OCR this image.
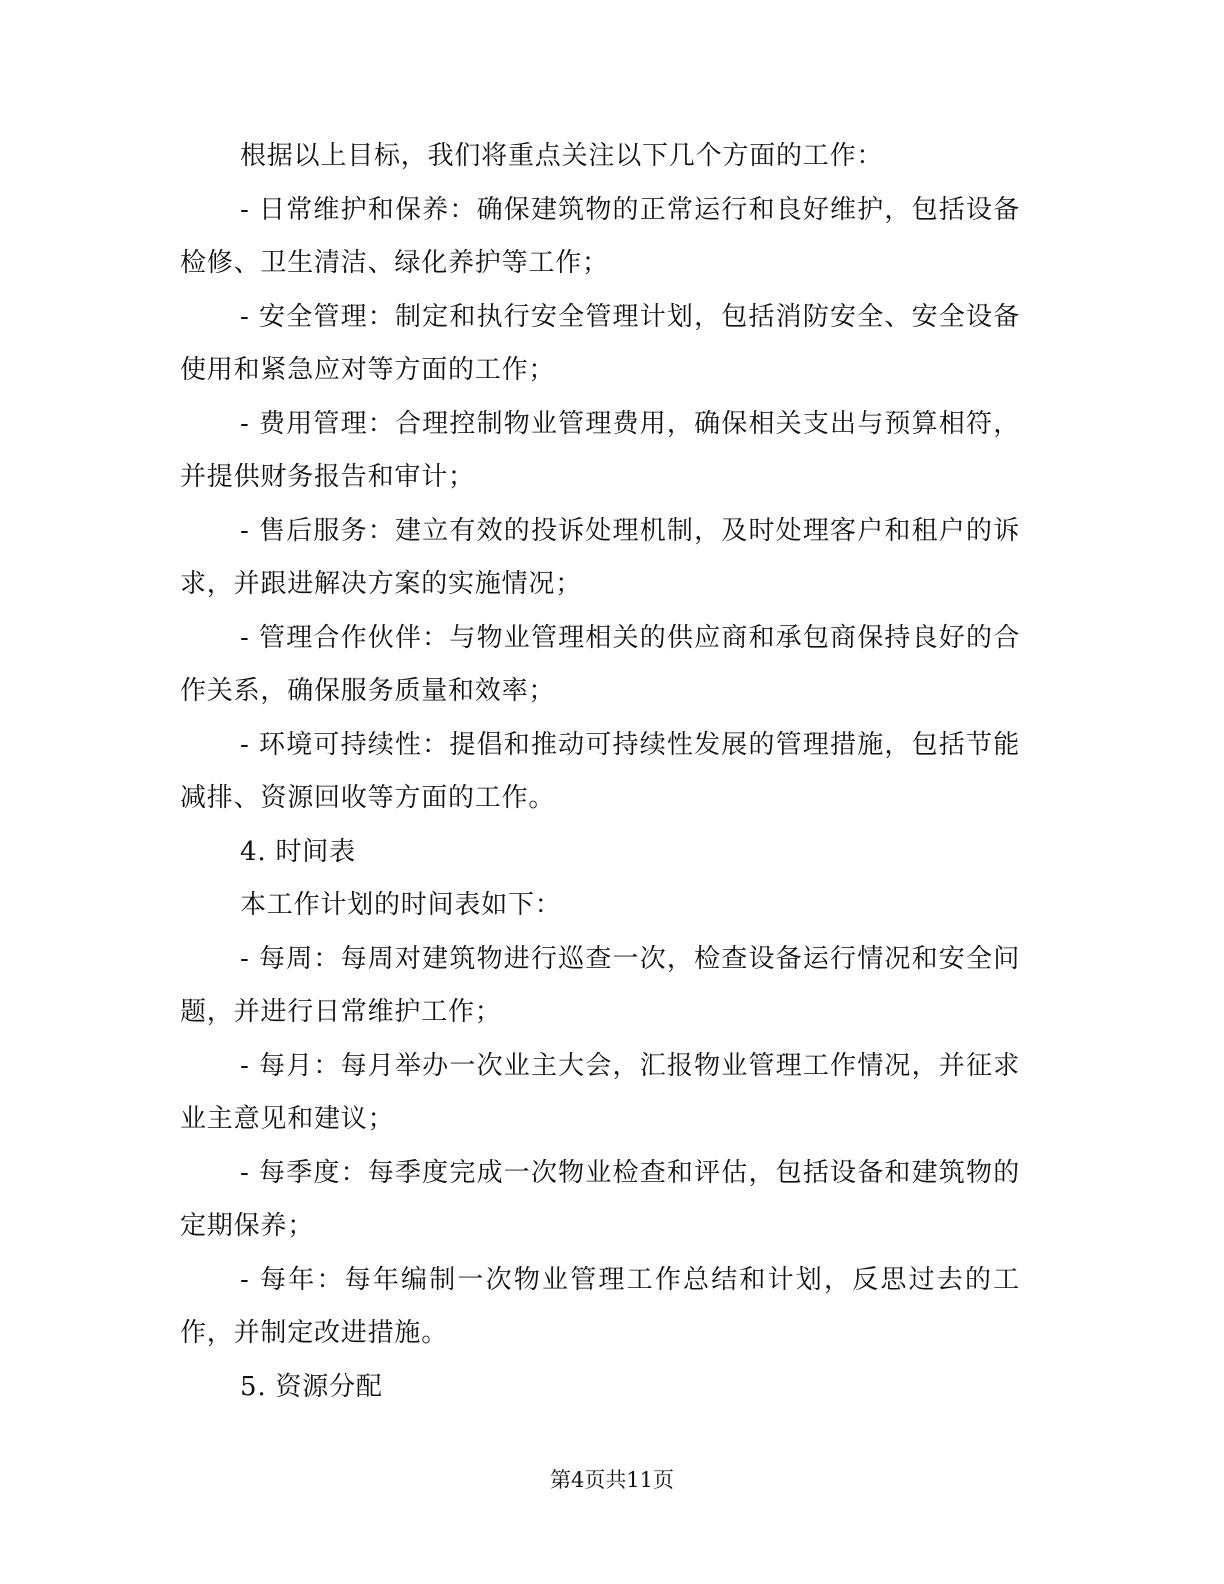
根据以上目标，我们将重点关注以下几个方面的工作：

- 日常维护和保养：确保建筑物的正常运行和良好维护，包括设备检修、卫生清洁、绿化养护等工作；

- 安全管理：制定和执行安全管理计划，包括消防安全、安全设备使用和紧急应对等方面的工作；

- 费用管理：合理控制物业管理费用，确保相关支出与预算相符，并提供财务报告和审计；

- 售后服务：建立有效的投诉处理机制，及时处理客户和租户的诉求，并跟进解决方案的实施情况；

- 管理合作伙伴：与物业管理相关的供应商和承包商保持良好的合作关系，确保服务质量和效率；

- 环境可持续性：提倡和推动可持续性发展的管理措施，包括节能减排、资源回收等方面的工作。

4. 时间表

本工作计划的时间表如下：

- 每周：每周对建筑物进行巡查一次，检查设备运行情况和安全问题，并进行日常维护工作；

- 每月：每月举办一次业主大会，汇报物业管理工作情况，并征求业主意见和建议；

- 每季度：每季度完成一次物业检查和评估，包括设备和建筑物的定期保养；

- 每年：每年编制一次物业管理工作总结和计划，反思过去的工作，并制定改进措施。

5. 资源分配

第4页共11页
